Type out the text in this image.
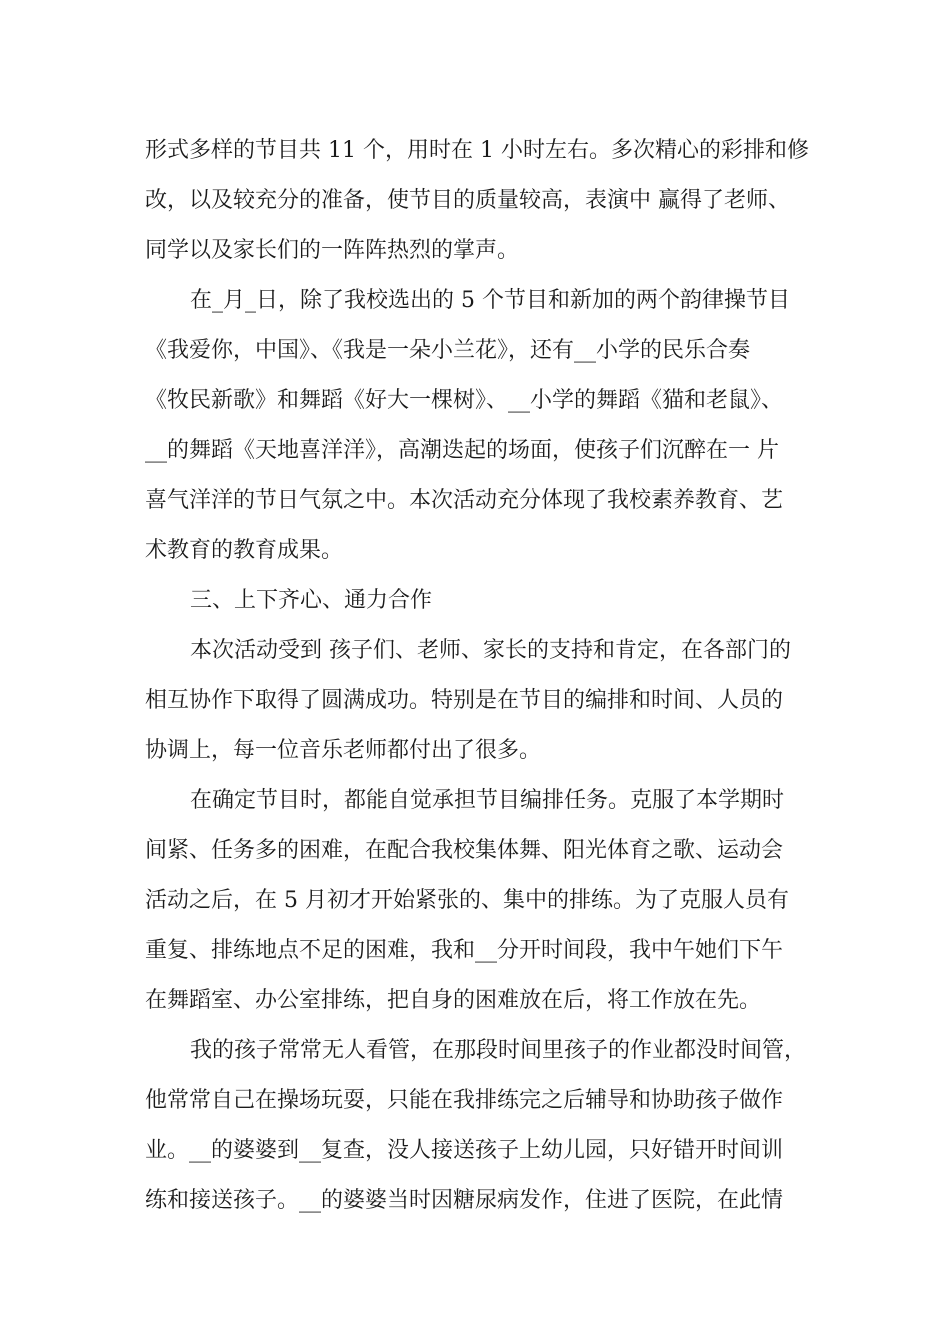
形式多样的节目共 11 个，用时在 1 小时左右。多次精心的彩排和修

改，以及较充分的准备，使节目的质量较高，表演中 赢得了老师、

同学以及家长们的一阵阵热烈的掌声。

在_月_日，除了我校选出的 5 个节目和新加的两个韵律操节目

《我爱你，中国》、《我是一朵小兰花》，还有__小学的民乐合奏

《牧民新歌》和舞蹈《好大一棵树》、__小学的舞蹈《猫和老鼠》、

__的舞蹈《天地喜洋洋》，高潮迭起的场面，使孩子们沉醉在一 片

喜气洋洋的节日气氛之中。本次活动充分体现了我校素养教育、艺

术教育的教育成果。

三、上下齐心、通力合作

本次活动受到 孩子们、老师、家长的支持和肯定，在各部门的

相互协作下取得了圆满成功。特别是在节目的编排和时间、人员的

协调上，每一位音乐老师都付出了很多。

在确定节目时，都能自觉承担节目编排任务。克服了本学期时

间紧、任务多的困难，在配合我校集体舞、阳光体育之歌、运动会

活动之后，在 5 月初才开始紧张的、集中的排练。为了克服人员有

重复、排练地点不足的困难，我和__分开时间段，我中午她们下午

在舞蹈室、办公室排练，把自身的困难放在后，将工作放在先。

我的孩子常常无人看管，在那段时间里孩子的作业都没时间管，

他常常自己在操场玩耍，只能在我排练完之后辅导和协助孩子做作

业。__的婆婆到__复查，没人接送孩子上幼儿园，只好错开时间训

练和接送孩子。__的婆婆当时因糖尿病发作，住进了医院，在此情
